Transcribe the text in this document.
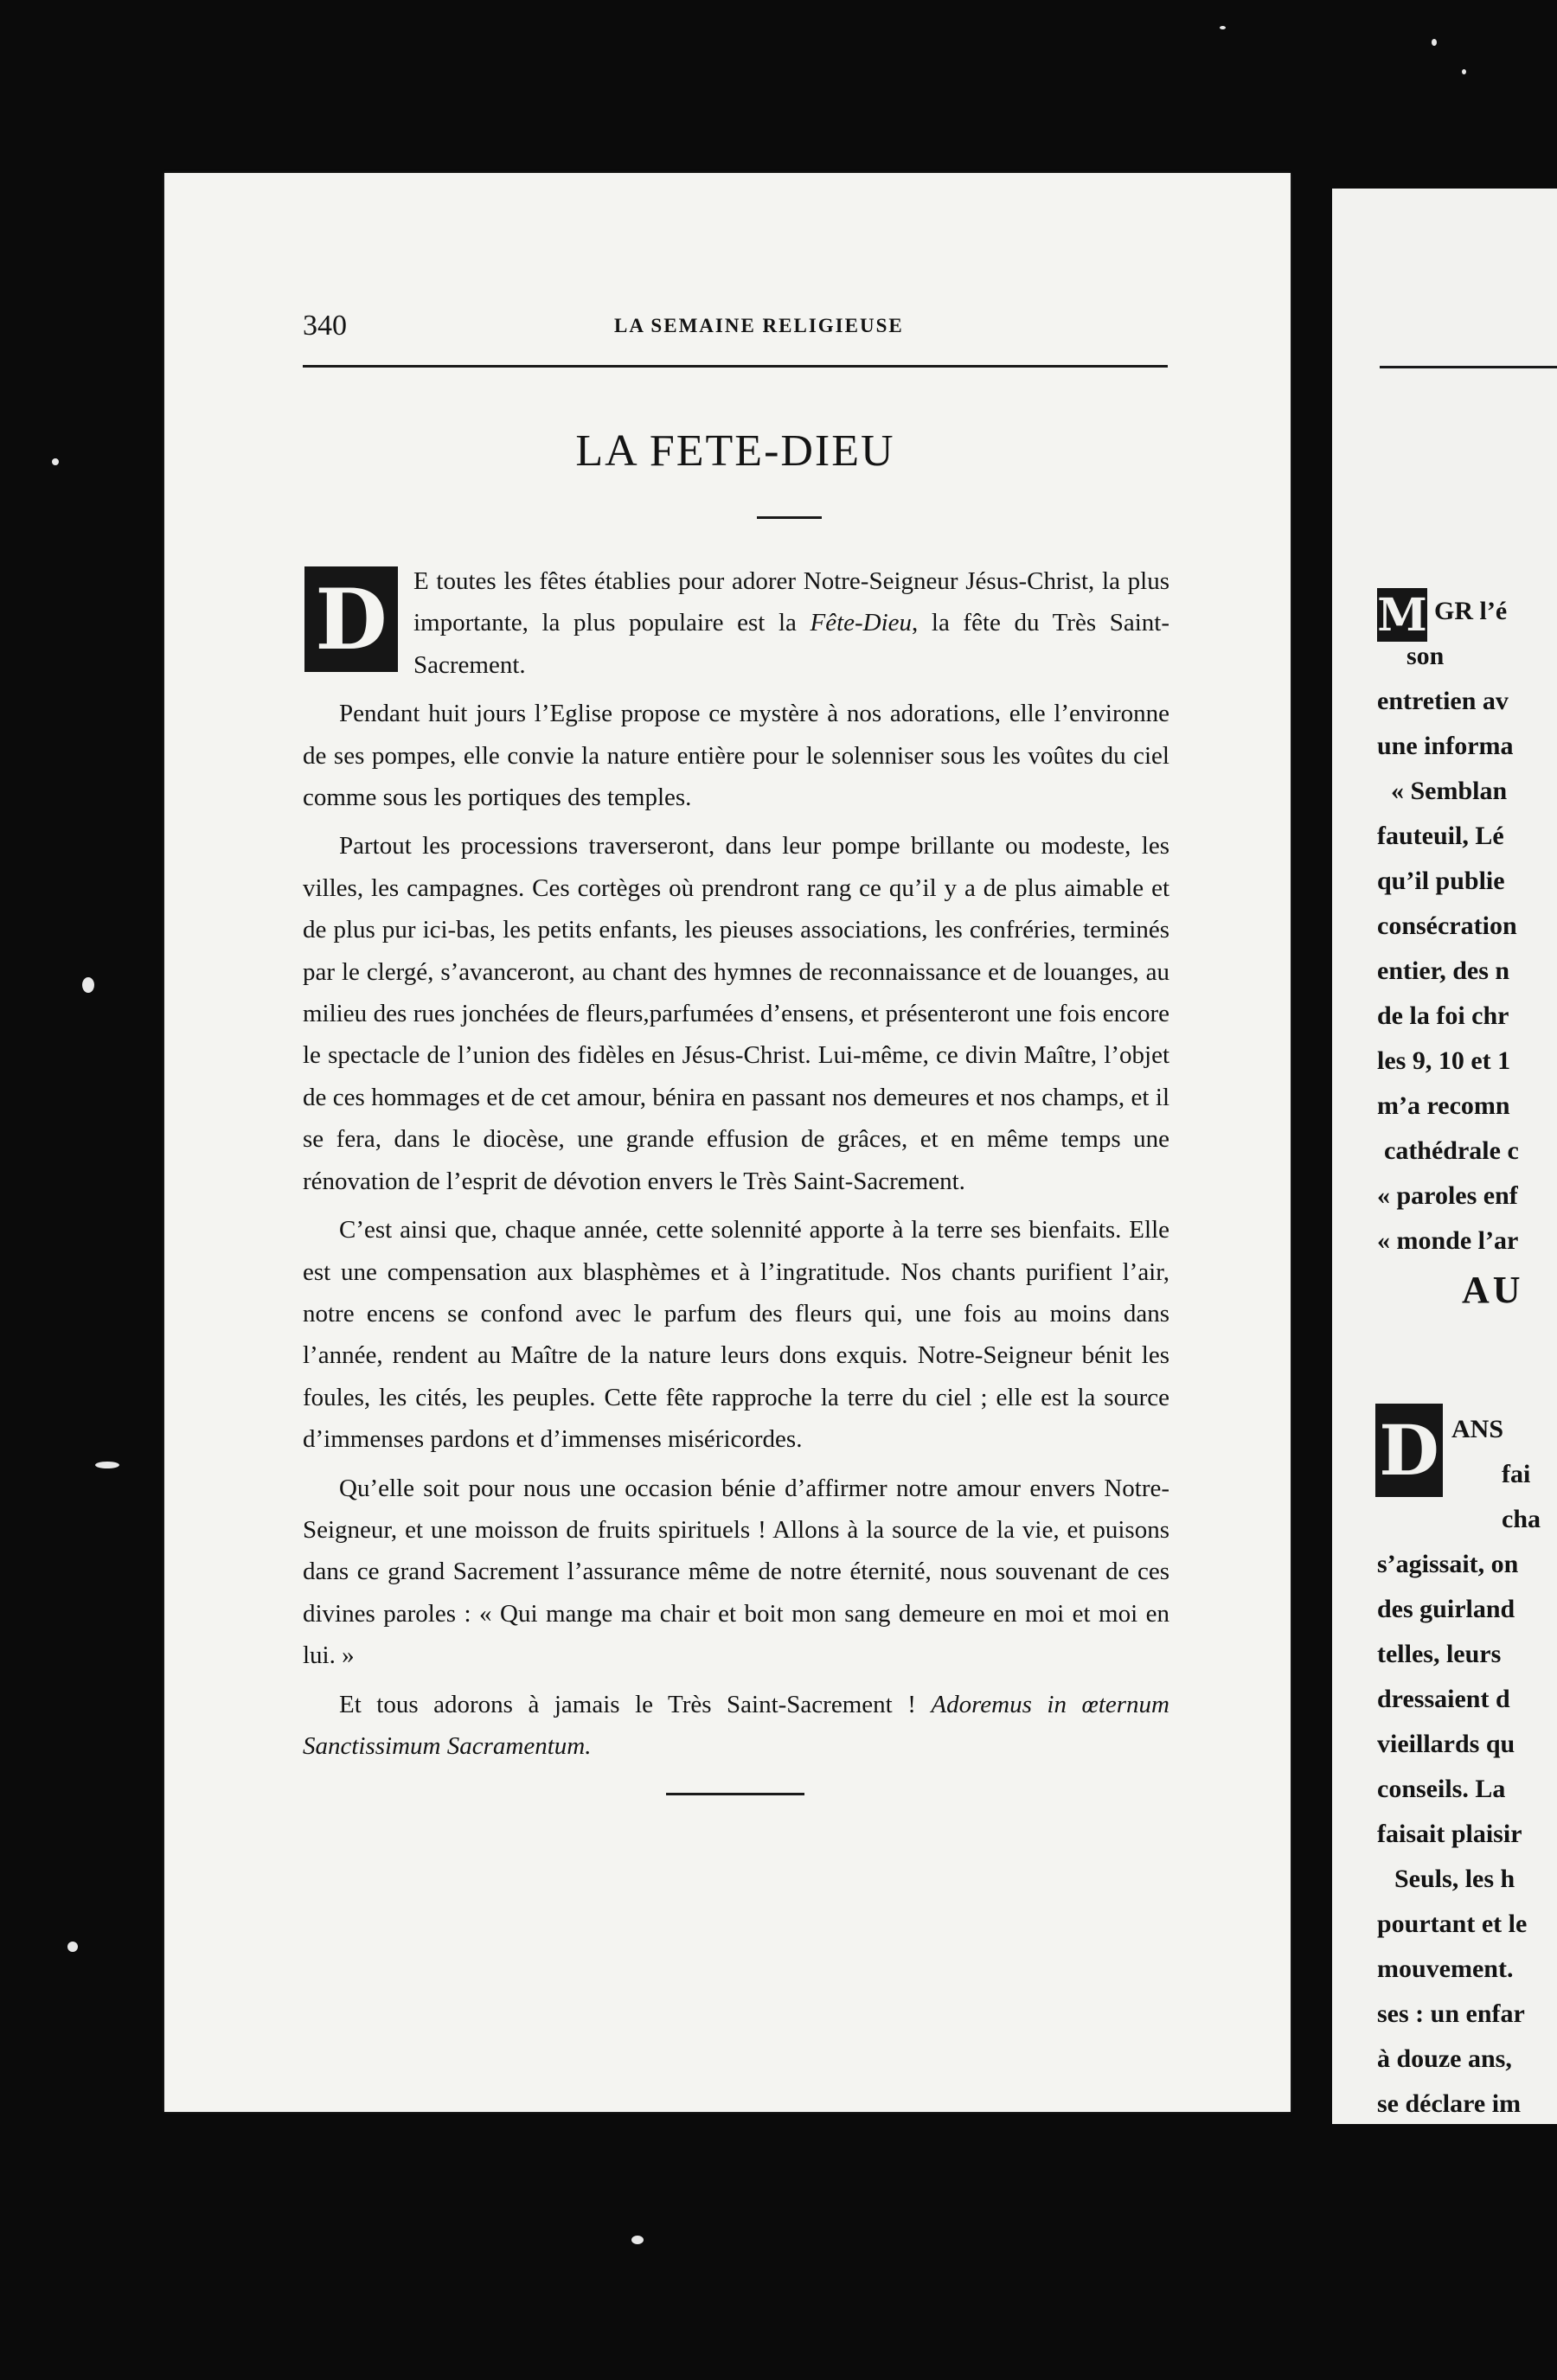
340	LA SEMAINE RELIGIEUSE
LA FETE-DIEU
D	E toutes les fêtes établies pour adorer Notre-Seigneur Jésus-Christ, la plus importante, la plus populaire est la Fête-Dieu, la fête du Très Saint-Sacrement.

Pendant huit jours l’Eglise propose ce mystère à nos adorations, elle l’environne de ses pompes, elle convie la nature entière pour le solenniser sous les voûtes du ciel comme sous les portiques des temples.

Partout les processions traverseront, dans leur pompe brillante ou modeste, les villes, les campagnes. Ces cortèges où prendront rang ce qu’il y a de plus aimable et de plus pur ici-bas, les petits enfants, les pieuses associations, les confréries, terminés par le clergé, s’avanceront, au chant des hymnes de reconnaissance et de louanges, au milieu des rues jonchées de fleurs,parfumées d’ensens, et présenteront une fois encore le spectacle de l’union des fidèles en Jésus-Christ. Lui-même, ce divin Maître, l’objet de ces hommages et de cet amour, bénira en passant nos demeures et nos champs, et il se fera, dans le diocèse, une grande effusion de grâces, et en même temps une rénovation de l’esprit de dévotion envers le Très Saint-Sacrement.

C’est ainsi que, chaque année, cette solennité apporte à la terre ses bienfaits. Elle est une compensation aux blasphèmes et à l’ingratitude. Nos chants purifient l’air, notre encens se confond avec le parfum des fleurs qui, une fois au moins dans l’année, rendent au Maître de la nature leurs dons exquis. Notre-Seigneur bénit les foules, les cités, les peuples. Cette fête rapproche la terre du ciel ; elle est la source d’immenses pardons et d’immenses miséricordes.

Qu’elle soit pour nous une occasion bénie d’affirmer notre amour envers Notre-Seigneur, et une moisson de fruits spirituels ! Allons à la source de la vie, et puisons dans ce grand Sacrement l’assurance même de notre éternité, nous souvenant de ces divines paroles : « Qui mange ma chair et boit mon sang demeure en moi et moi en lui. »

Et tous adorons à jamais le Très Saint-Sacrement ! Adoremus in œternum Sanctissimum Sacramentum.

M
AU
D
GR l’é
son
entretien av
une informa
« Semblan
fauteuil, Lé
qu’il publie
consécration
entier, des n
de la foi chr
les 9, 10 et 1
m’a recomn
cathédrale c
« paroles enf
« monde l’ar
ANS
fai
cha
s’agissait, on
des guirland
telles, leurs
dressaient d
vieillards qu
conseils. La
faisait plaisir
Seuls, les h
pourtant et le
mouvement.
ses : un enfar
à douze ans,
se déclare im
